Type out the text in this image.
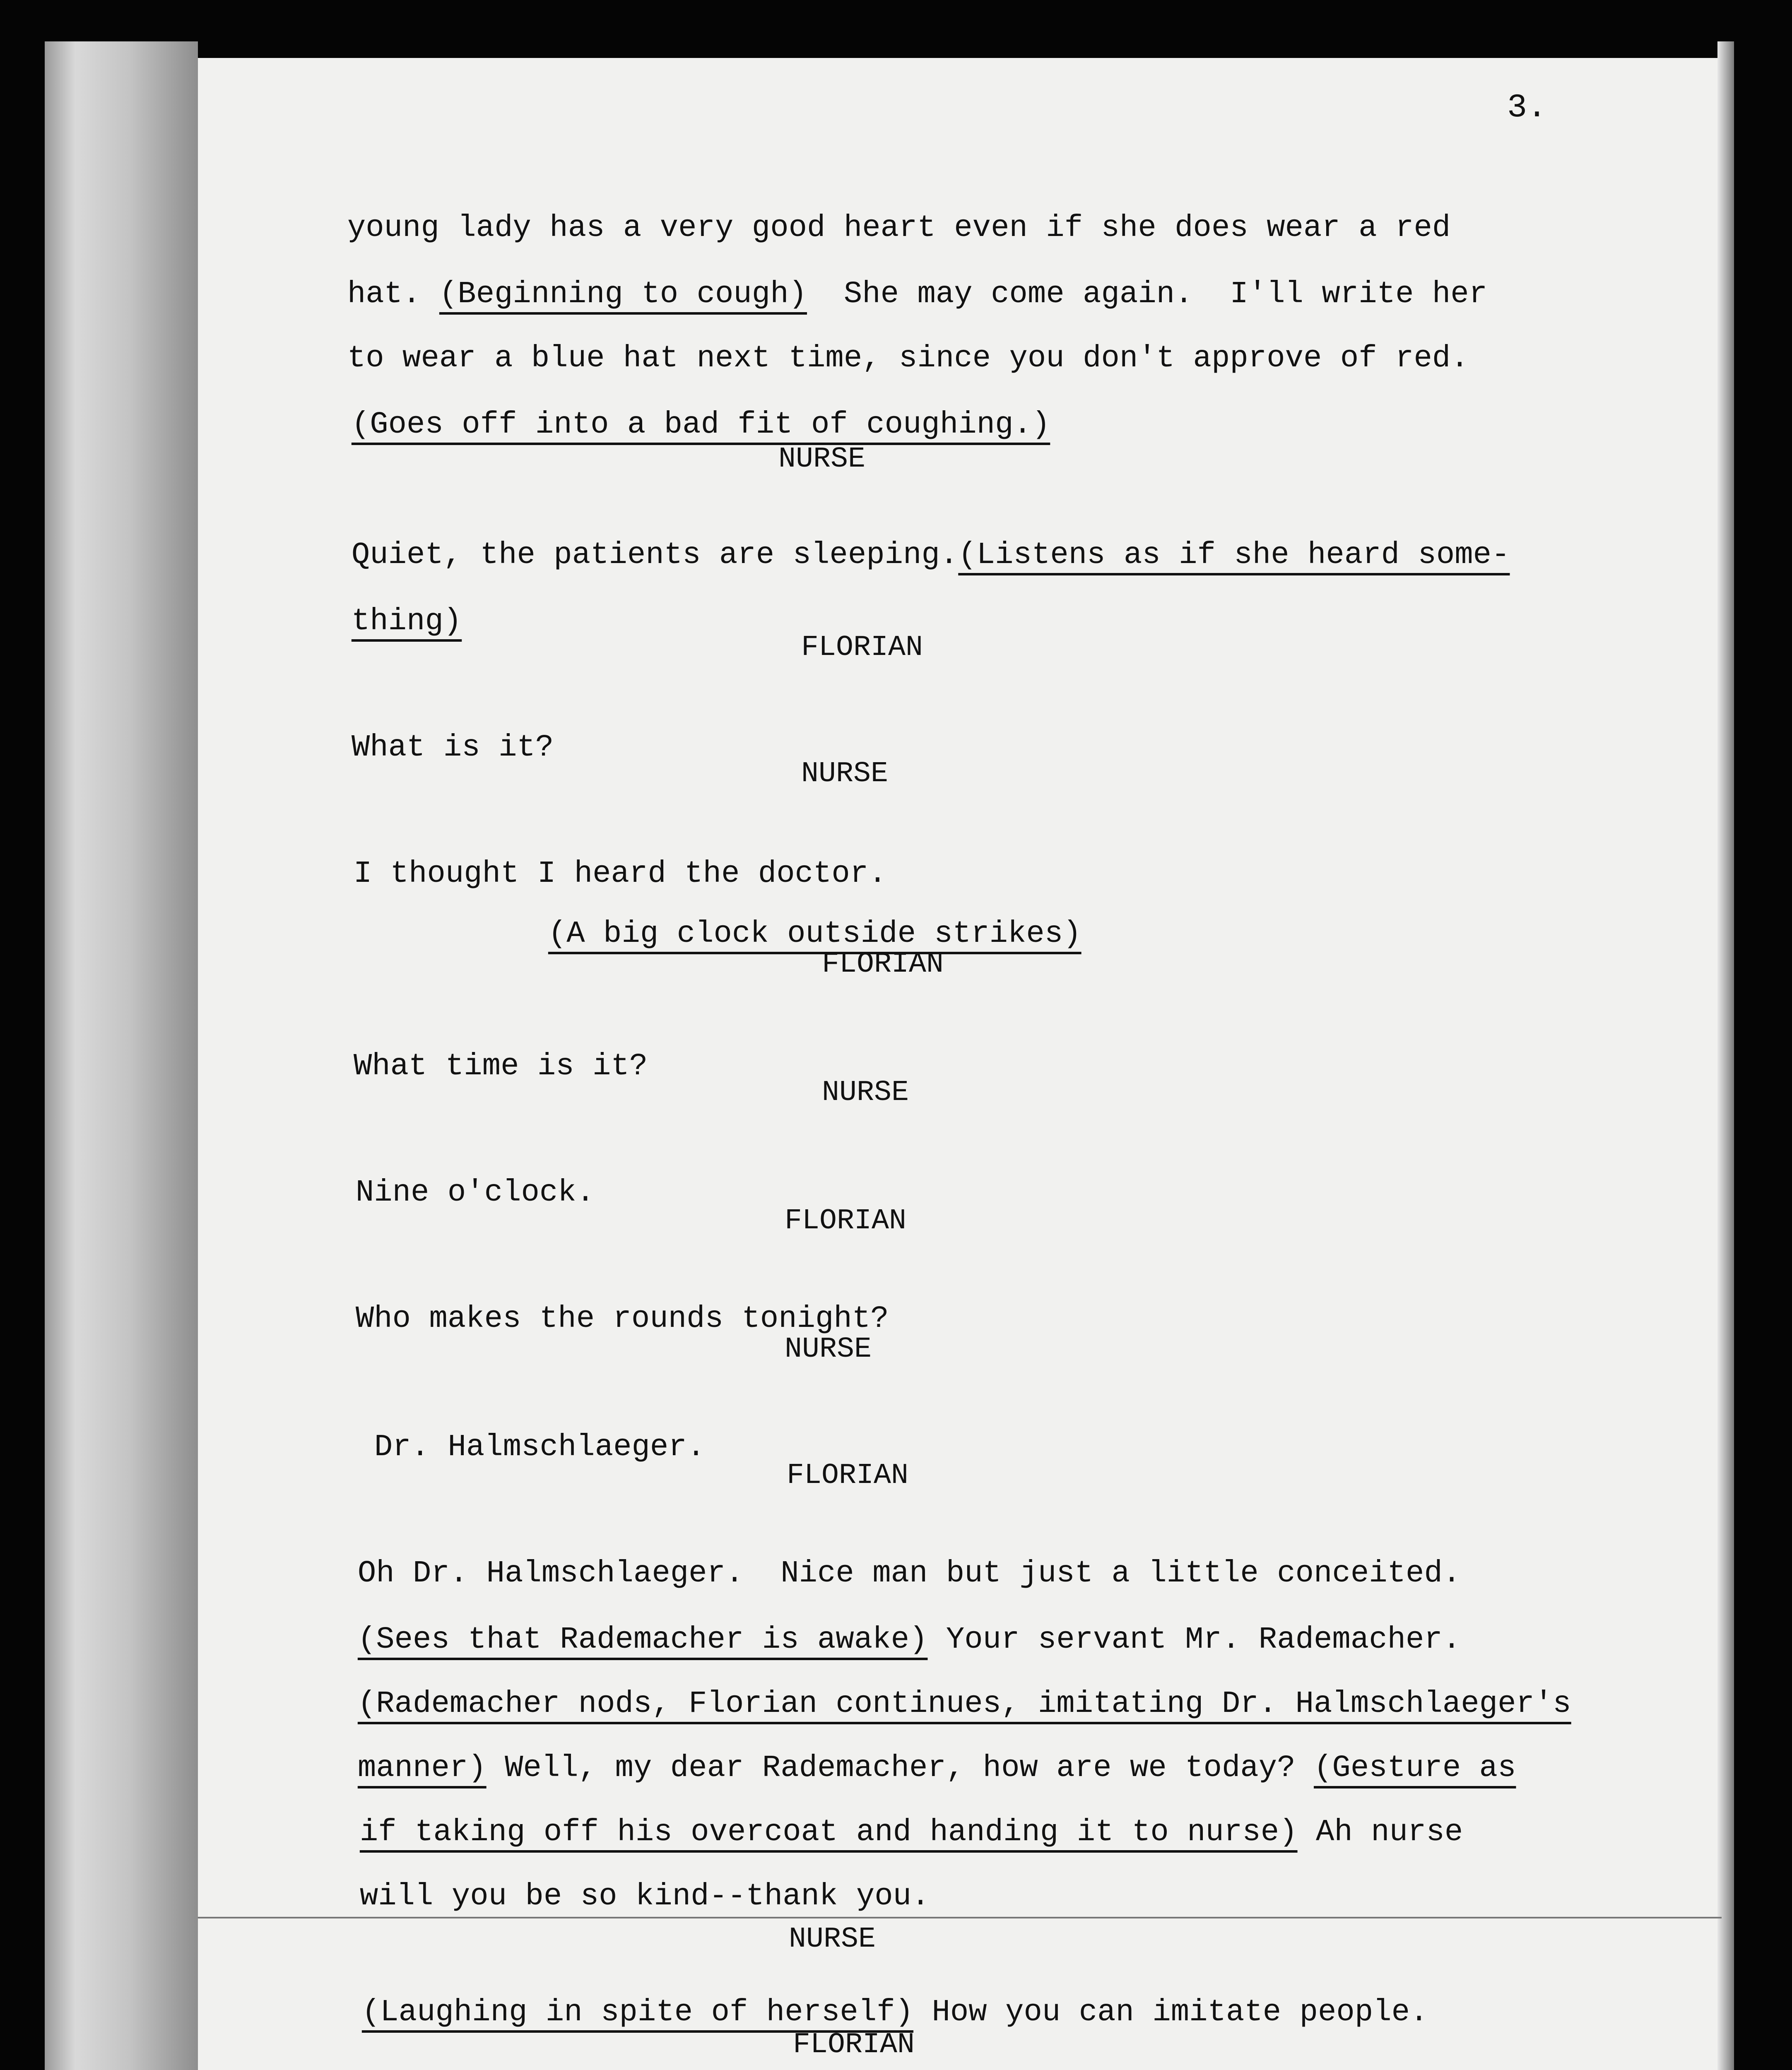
3.

young lady has a very good heart even if she does wear a red

hat. (Beginning to cough)  She may come again.  I'll write her

to wear a blue hat next time, since you don't approve of red.

(Goes off into a bad fit of coughing.)

NURSE

Quiet, the patients are sleeping.(Listens as if she heard some-

thing)

FLORIAN

What is it?

NURSE

I thought I heard the doctor.

(A big clock outside strikes)

FLORIAN

What time is it?

NURSE

Nine o'clock.

FLORIAN

Who makes the rounds tonight?

NURSE

Dr. Halmschlaeger.

FLORIAN

Oh Dr. Halmschlaeger.  Nice man but just a little conceited.

(Sees that Rademacher is awake) Your servant Mr. Rademacher.

(Rademacher nods, Florian continues, imitating Dr. Halmschlaeger's

manner) Well, my dear Rademacher, how are we today? (Gesture as

if taking off his overcoat and handing it to nurse) Ah nurse

will you be so kind--thank you.

NURSE

(Laughing in spite of herself) How you can imitate people.

FLORIAN
